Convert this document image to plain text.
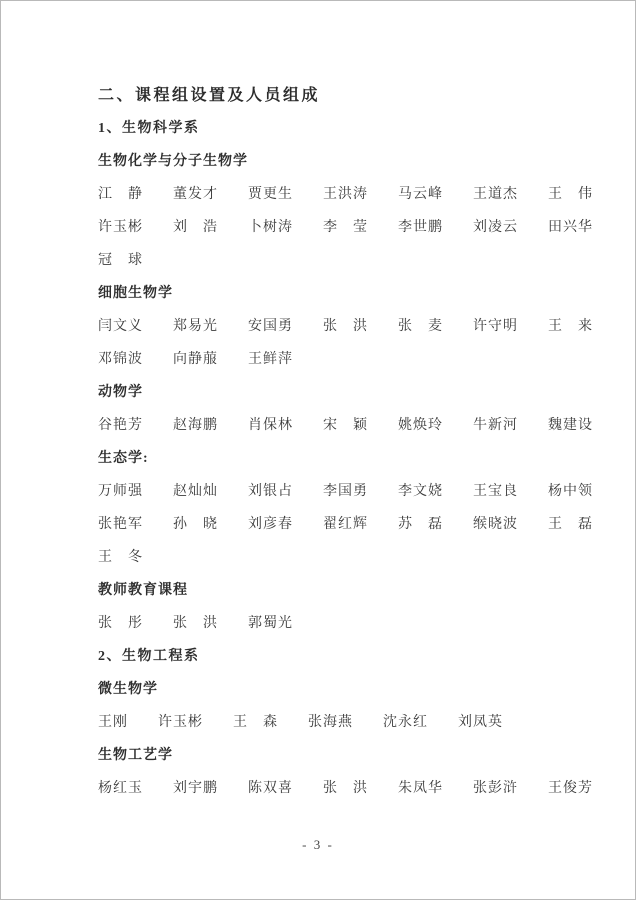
二、课程组设置及人员组成
1、生物科学系
生物化学与分子生物学
江　静　　董发才　　贾更生　　王洪涛　　马云峰　　王道杰　　王　伟
许玉彬　　刘　浩　　卜树涛　　李　莹　　李世鹏　　刘凌云　　田兴华
冠　球
细胞生物学
闫文义　　郑易光　　安国勇　　张　洪　　张　麦　　许守明　　王　来
邓锦波　　向静菔　　王鲜萍
动物学
谷艳芳　　赵海鹏　　肖保林　　宋　颖　　姚焕玲　　牛新河　　魏建设
生态学:
万师强　　赵灿灿　　刘银占　　李国勇　　李文娆　　王宝良　　杨中领
张艳军　　孙　晓　　刘彦春　　翟红辉　　苏　磊　　缑晓波　　王　磊
王　冬
教师教育课程
张　彤　　张　洪　　郭蜀光
2、生物工程系
微生物学
王刚　　许玉彬　　王　森　　张海燕　　沈永红　　刘凤英
生物工艺学
杨红玉　　刘宇鹏　　陈双喜　　张　洪　　朱凤华　　张彭浒　　王俊芳
- 3 -
